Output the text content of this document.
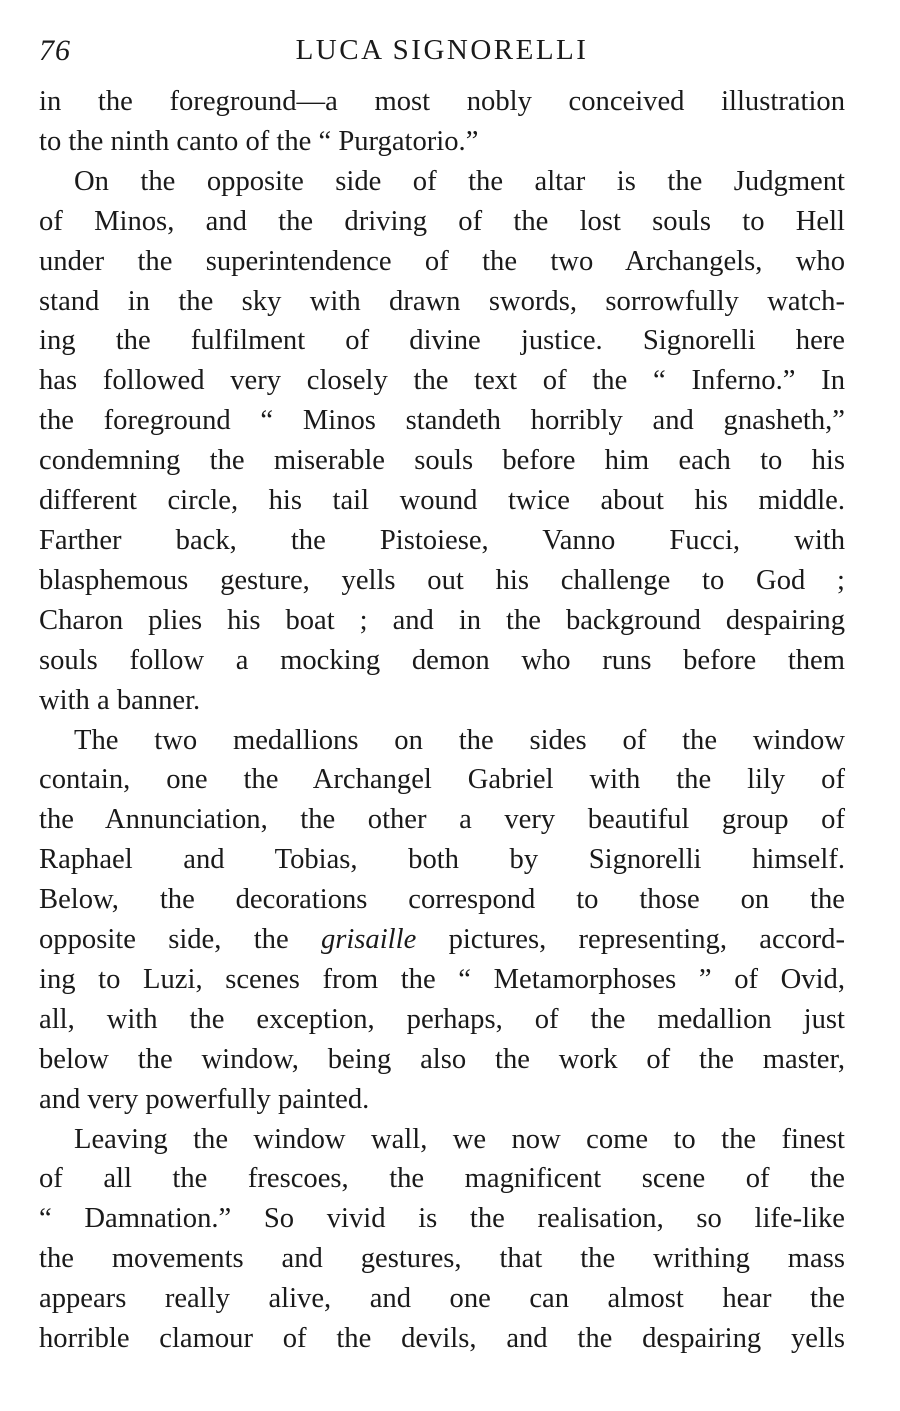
76	LUCA SIGNORELLI

in the foreground—a most nobly conceived illustration
to the ninth canto of the “ Purgatorio.”

On the opposite side of the altar is the Judgment
of Minos, and the driving of the lost souls to Hell
under the superintendence of the two Archangels, who
stand in the sky with drawn swords, sorrowfully watch-
ing the fulfilment of divine justice. Signorelli here
has followed very closely the text of the “ Inferno.” In
the foreground “ Minos standeth horribly and gnasheth,”
condemning the miserable souls before him each to his
different circle, his tail wound twice about his middle.
Farther back, the Pistoiese, Vanno Fucci, with
blasphemous gesture, yells out his challenge to God ;
Charon plies his boat ; and in the background despairing
souls follow a mocking demon who runs before them
with a banner.

The two medallions on the sides of the window
contain, one the Archangel Gabriel with the lily of
the Annunciation, the other a very beautiful group of
Raphael and Tobias, both by Signorelli himself.
Below, the decorations correspond to those on the
opposite side, the grisaille pictures, representing, accord-
ing to Luzi, scenes from the “ Metamorphoses ” of Ovid,
all, with the exception, perhaps, of the medallion just
below the window, being also the work of the master,
and very powerfully painted.

Leaving the window wall, we now come to the finest
of all the frescoes, the magnificent scene of the
“ Damnation.” So vivid is the realisation, so life-like
the movements and gestures, that the writhing mass
appears really alive, and one can almost hear the
horrible clamour of the devils, and the despairing yells
